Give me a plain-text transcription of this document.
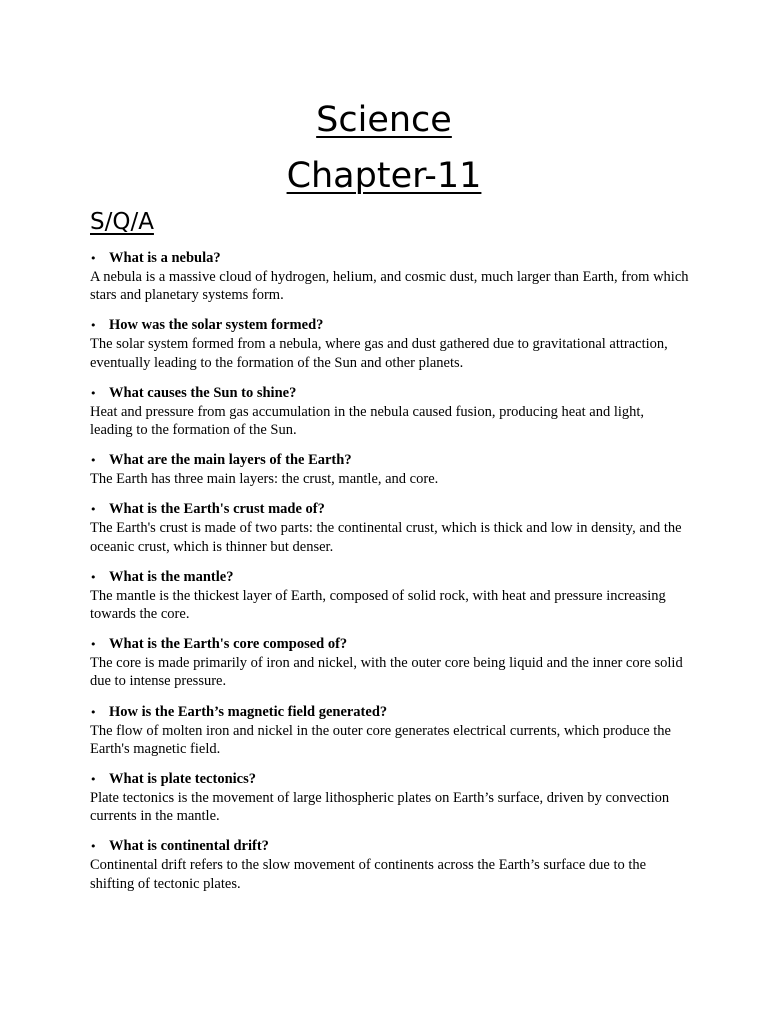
Science
Chapter-11
S/Q/A
• What is a nebula?

A nebula is a massive cloud of hydrogen, helium, and cosmic dust, much larger than Earth, from which stars and planetary systems form.

• How was the solar system formed?

The solar system formed from a nebula, where gas and dust gathered due to gravitational attraction, eventually leading to the formation of the Sun and other planets.

• What causes the Sun to shine?

Heat and pressure from gas accumulation in the nebula caused fusion, producing heat and light, leading to the formation of the Sun.

• What are the main layers of the Earth?

The Earth has three main layers: the crust, mantle, and core.

• What is the Earth's crust made of?

The Earth's crust is made of two parts: the continental crust, which is thick and low in density, and the oceanic crust, which is thinner but denser.

• What is the mantle?

The mantle is the thickest layer of Earth, composed of solid rock, with heat and pressure increasing towards the core.

• What is the Earth's core composed of?

The core is made primarily of iron and nickel, with the outer core being liquid and the inner core solid due to intense pressure.

• How is the Earth’s magnetic field generated?

The flow of molten iron and nickel in the outer core generates electrical currents, which produce the Earth's magnetic field.

• What is plate tectonics?

Plate tectonics is the movement of large lithospheric plates on Earth’s surface, driven by convection currents in the mantle.

• What is continental drift?

Continental drift refers to the slow movement of continents across the Earth’s surface due to the shifting of tectonic plates.
